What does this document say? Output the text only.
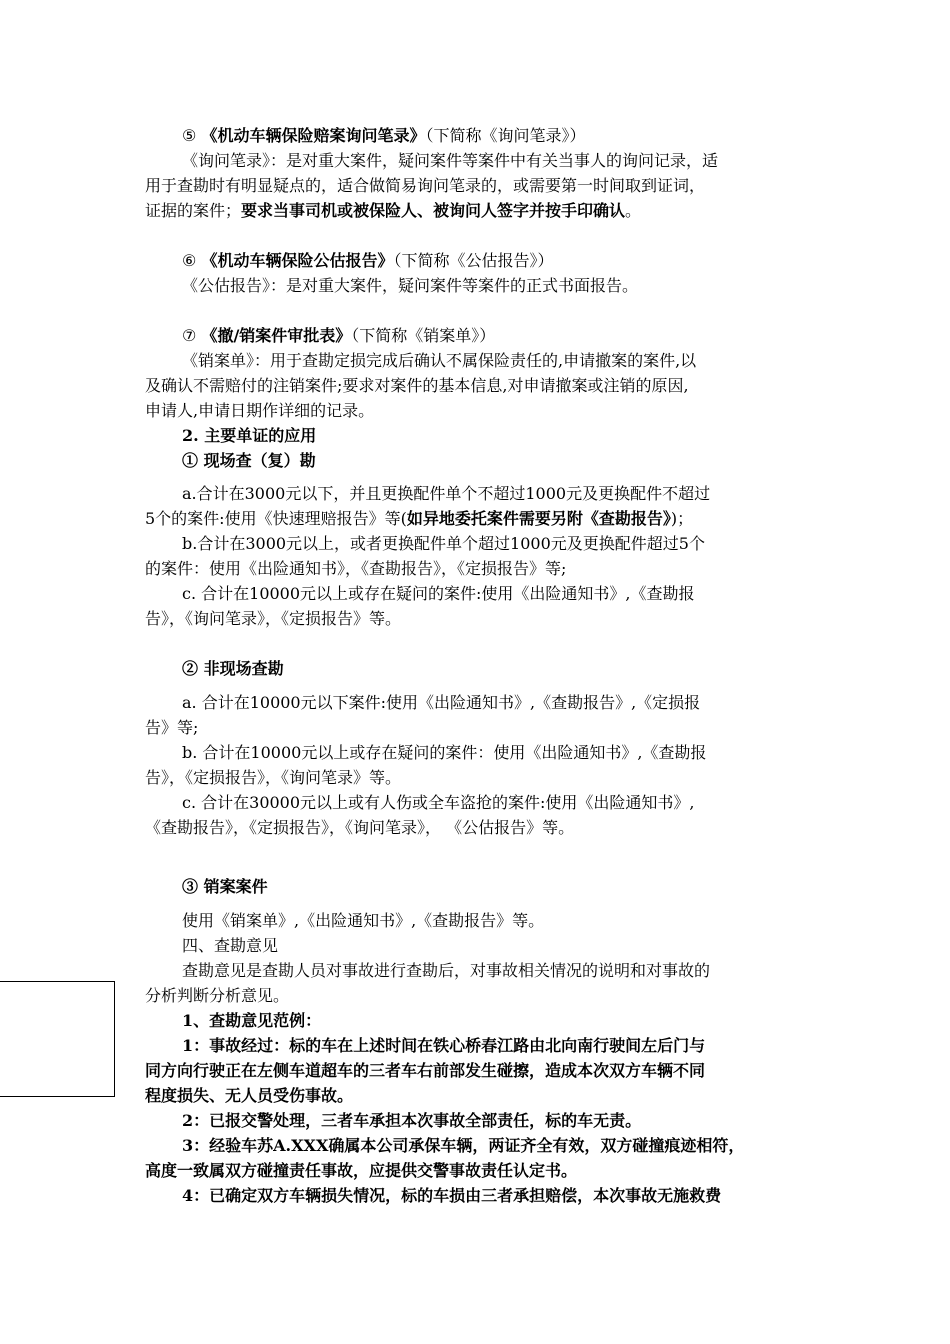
⑤ 《机动车辆保险赔案询问笔录》（下简称《询问笔录》）
《询问笔录》：是对重大案件，疑问案件等案件中有关当事人的询问记录，适
用于查勘时有明显疑点的，适合做简易询问笔录的，或需要第一时间取到证词，
证据的案件；要求当事司机或被保险人、被询问人签字并按手印确认。
⑥ 《机动车辆保险公估报告》（下简称《公估报告》）
《公估报告》：是对重大案件，疑问案件等案件的正式书面报告。
⑦ 《撤/销案件审批表》（下简称《销案单》）
《销案单》：用于查勘定损完成后确认不属保险责任的,申请撤案的案件,以
及确认不需赔付的注销案件;要求对案件的基本信息,对申请撤案或注销的原因,
申请人,申请日期作详细的记录。
2. 主要单证的应用
① 现场查（复）勘
a.合计在3000元以下，并且更换配件单个不超过1000元及更换配件不超过
5个的案件:使用《快速理赔报告》等(如异地委托案件需要另附《查勘报告》)；
b.合计在3000元以上，或者更换配件单个超过1000元及更换配件超过5个
的案件：使用《出险通知书》，《查勘报告》，《定损报告》等;
c. 合计在10000元以上或存在疑问的案件:使用《出险通知书》,《查勘报
告》，《询问笔录》，《定损报告》等。
② 非现场查勘
a. 合计在10000元以下案件:使用《出险通知书》,《查勘报告》,《定损报
告》等;
b. 合计在10000元以上或存在疑问的案件：使用《出险通知书》,《查勘报
告》，《定损报告》，《询问笔录》等。
c. 合计在30000元以上或有人伤或全车盗抢的案件:使用《出险通知书》,
《查勘报告》，《定损报告》，《询问笔录》， 《公估报告》等。
③ 销案案件
使用《销案单》,《出险通知书》,《查勘报告》等。
四、查勘意见
查勘意见是查勘人员对事故进行查勘后，对事故相关情况的说明和对事故的
分析判断分析意见。
1、查勘意见范例：
1：事故经过：标的车在上述时间在铁心桥春江路由北向南行驶间左后门与
同方向行驶正在左侧车道超车的三者车右前部发生碰擦，造成本次双方车辆不同
程度损失、无人员受伤事故。
2：已报交警处理，三者车承担本次事故全部责任，标的车无责。
3：经验车苏A.XXX确属本公司承保车辆，两证齐全有效，双方碰撞痕迹相符，
高度一致属双方碰撞责任事故，应提供交警事故责任认定书。
4：已确定双方车辆损失情况，标的车损由三者承担赔偿，本次事故无施救费
